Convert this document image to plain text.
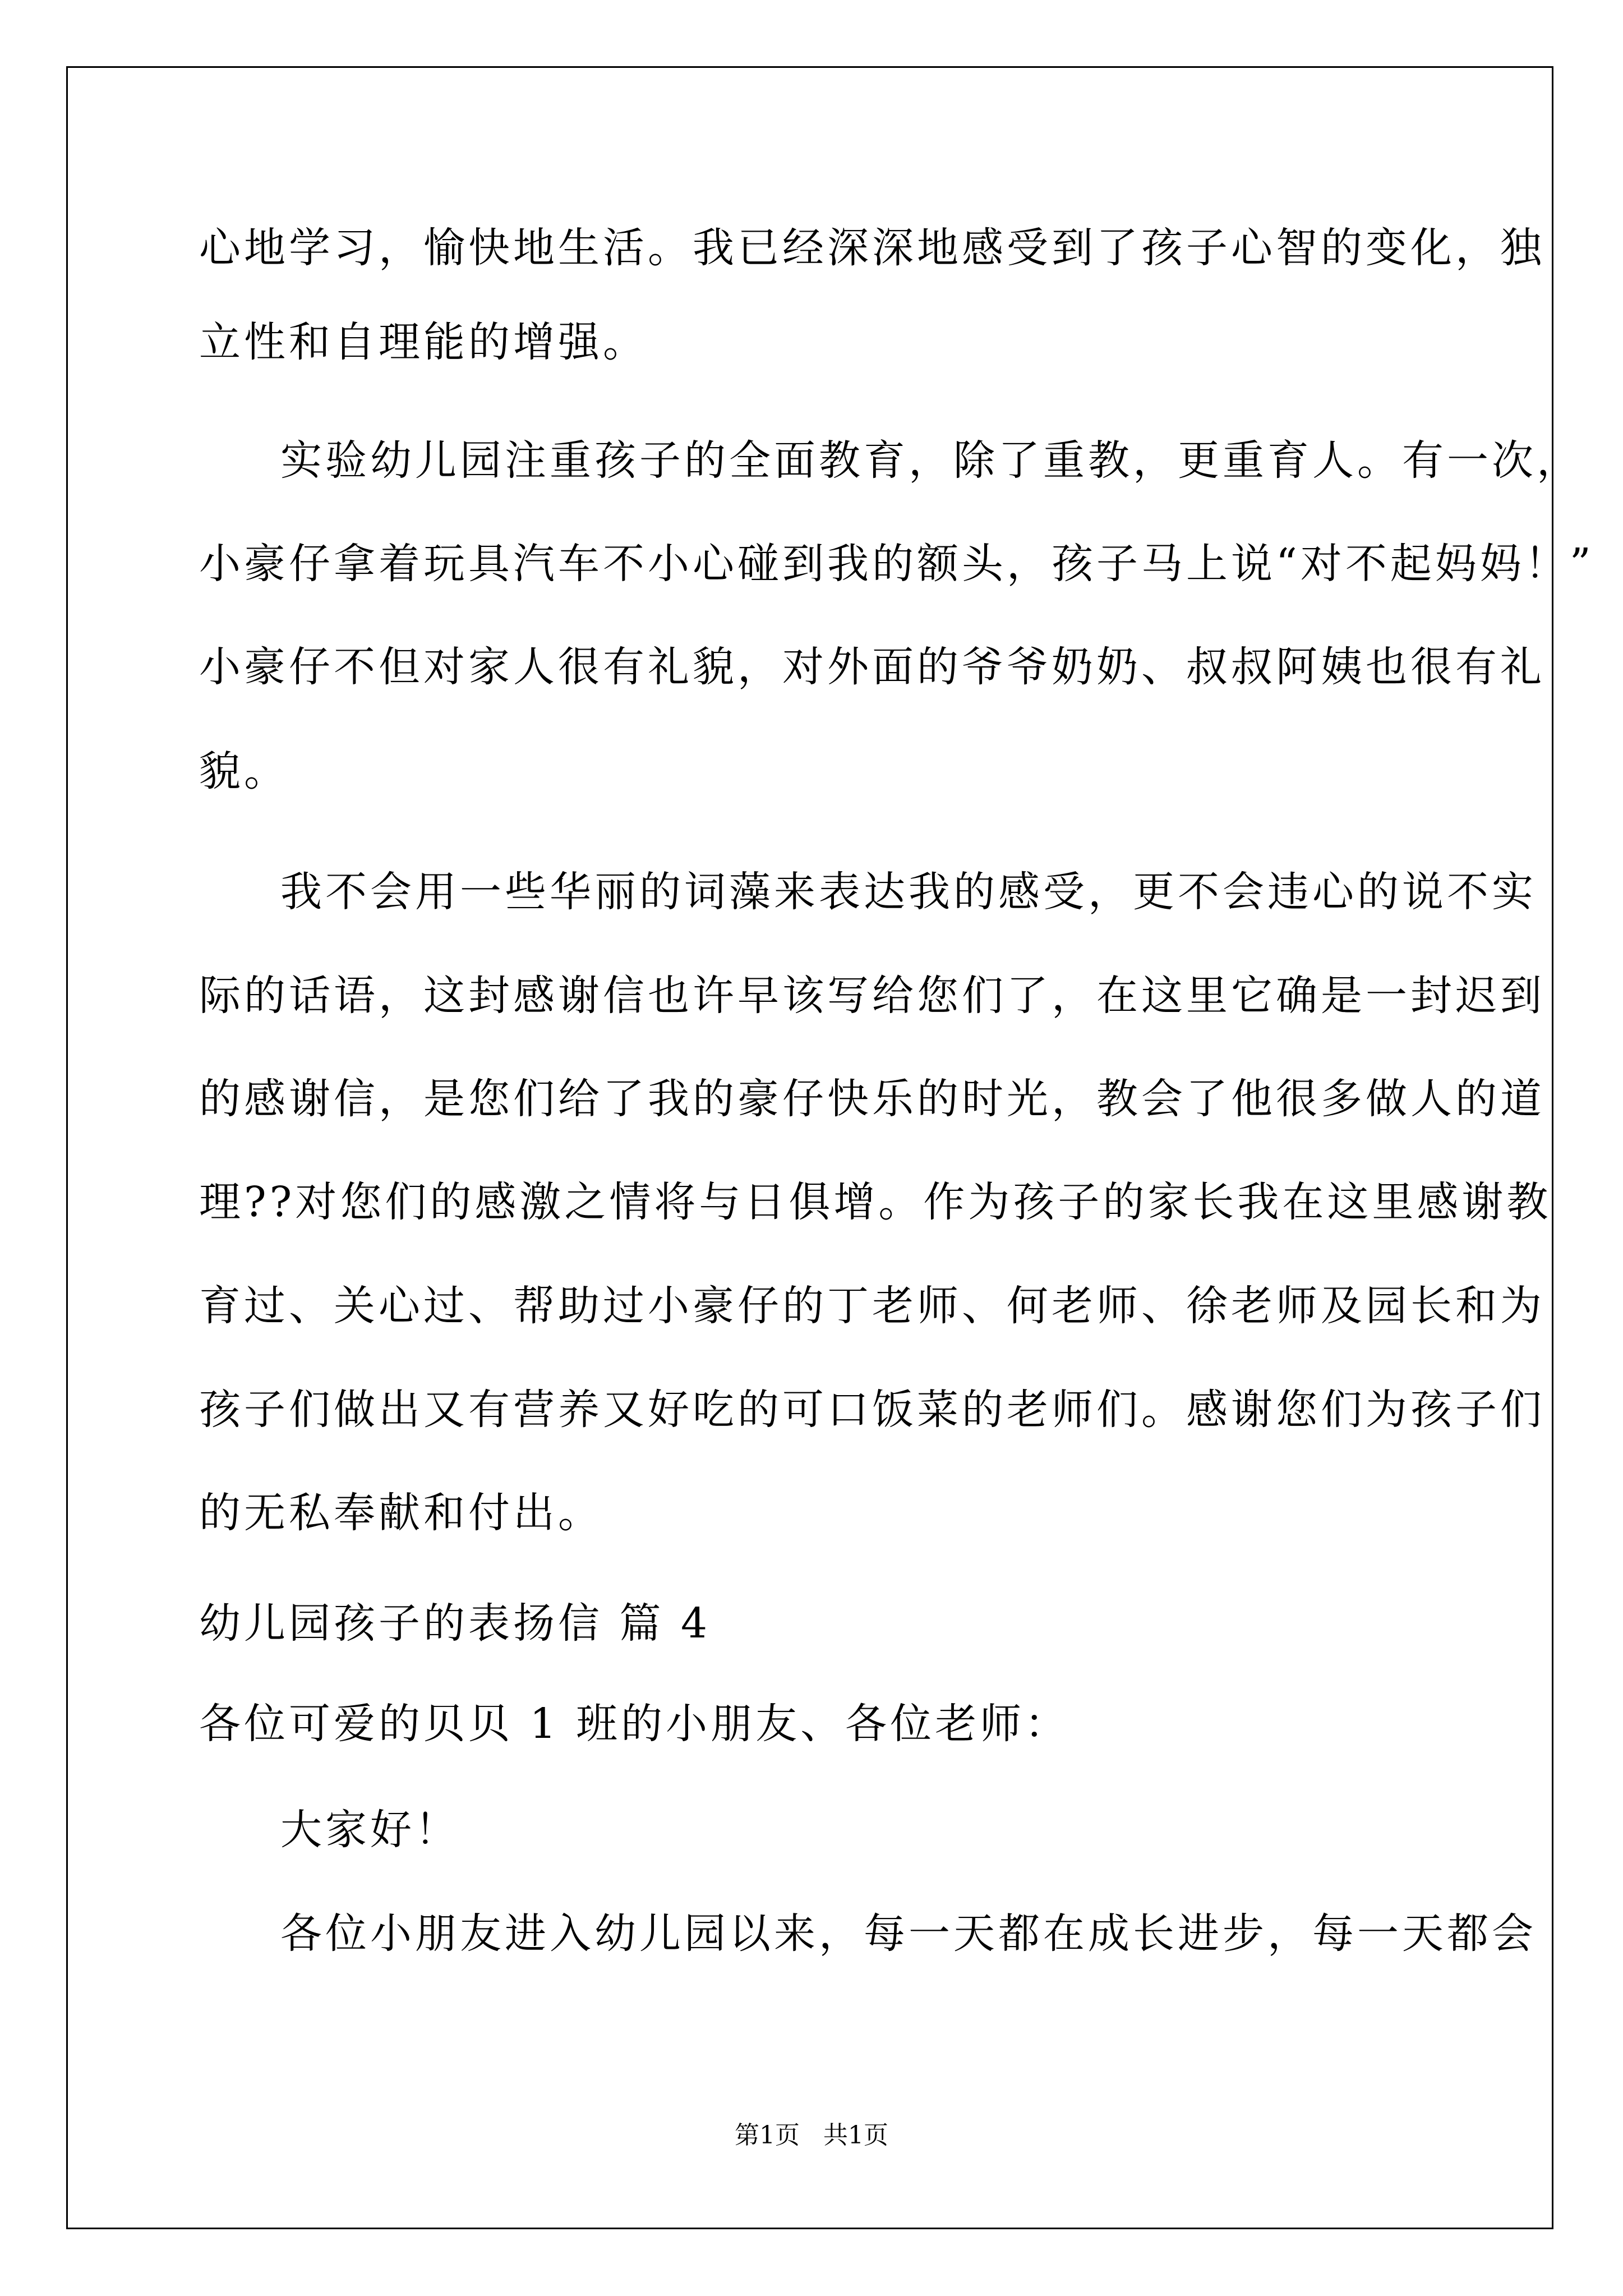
心地学习，愉快地生活。我已经深深地感受到了孩子心智的变化，独
立性和自理能的增强。
实验幼儿园注重孩子的全面教育，除了重教，更重育人。有一次，
小豪仔拿着玩具汽车不小心碰到我的额头，孩子马上说“对不起妈妈！”
小豪仔不但对家人很有礼貌，对外面的爷爷奶奶、叔叔阿姨也很有礼
貌。
我不会用一些华丽的词藻来表达我的感受，更不会违心的说不实
际的话语，这封感谢信也许早该写给您们了，在这里它确是一封迟到
的感谢信，是您们给了我的豪仔快乐的时光，教会了他很多做人的道
理??对您们的感激之情将与日俱增。作为孩子的家长我在这里感谢教
育过、关心过、帮助过小豪仔的丁老师、何老师、徐老师及园长和为
孩子们做出又有营养又好吃的可口饭菜的老师们。感谢您们为孩子们
的无私奉献和付出。
幼儿园孩子的表扬信 篇 4
各位可爱的贝贝 1 班的小朋友、各位老师：
大家好！
各位小朋友进入幼儿园以来，每一天都在成长进步，每一天都会
第1页   共1页
